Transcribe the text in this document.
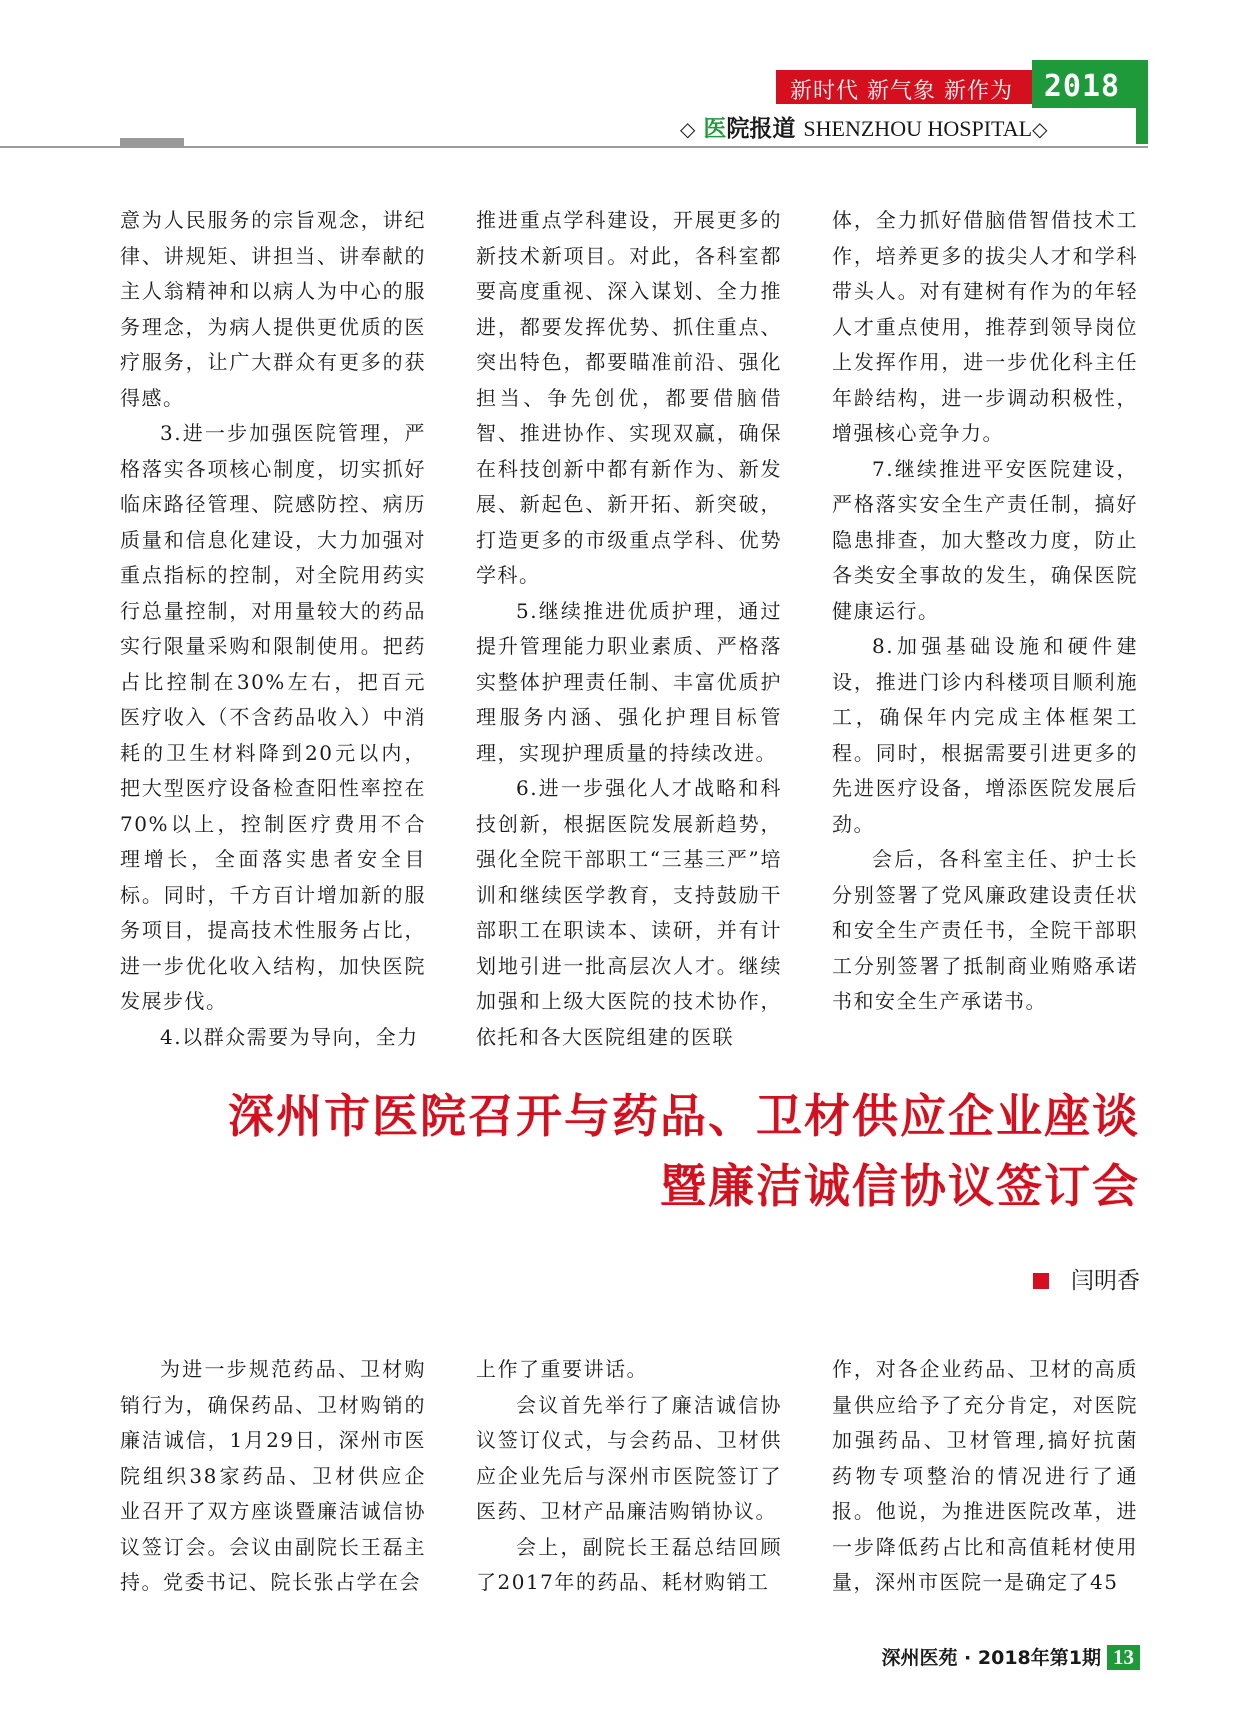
新时代 新气象 新作为	2018
◇ 医院报道 SHENZHOU HOSPITAL◇

意为人民服务的宗旨观念，讲纪律、讲规矩、讲担当、讲奉献的主人翁精神和以病人为中心的服务理念，为病人提供更优质的医疗服务，让广大群众有更多的获得感。

3.进一步加强医院管理，严格落实各项核心制度，切实抓好临床路径管理、院感防控、病历质量和信息化建设，大力加强对重点指标的控制，对全院用药实行总量控制，对用量较大的药品实行限量采购和限制使用。把药占比控制在30%左右，把百元医疗收入（不含药品收入）中消耗的卫生材料降到20元以内，把大型医疗设备检查阳性率控在70%以上，控制医疗费用不合理增长，全面落实患者安全目标。同时，千方百计增加新的服务项目，提高技术性服务占比，进一步优化收入结构，加快医院发展步伐。

4.以群众需要为导向，全力

推进重点学科建设，开展更多的新技术新项目。对此，各科室都要高度重视、深入谋划、全力推进，都要发挥优势、抓住重点、突出特色，都要瞄准前沿、强化担当、争先创优，都要借脑借智、推进协作、实现双赢，确保在科技创新中都有新作为、新发展、新起色、新开拓、新突破，打造更多的市级重点学科、优势学科。

5.继续推进优质护理，通过提升管理能力职业素质、严格落实整体护理责任制、丰富优质护理服务内涵、强化护理目标管理，实现护理质量的持续改进。

6.进一步强化人才战略和科技创新，根据医院发展新趋势，强化全院干部职工“三基三严”培训和继续医学教育，支持鼓励干部职工在职读本、读研，并有计划地引进一批高层次人才。继续加强和上级大医院的技术协作，依托和各大医院组建的医联

体，全力抓好借脑借智借技术工作，培养更多的拔尖人才和学科带头人。对有建树有作为的年轻人才重点使用，推荐到领导岗位上发挥作用，进一步优化科主任年龄结构，进一步调动积极性，增强核心竞争力。

7.继续推进平安医院建设，严格落实安全生产责任制，搞好隐患排查，加大整改力度，防止各类安全事故的发生，确保医院健康运行。

8.加强基础设施和硬件建设，推进门诊内科楼项目顺利施工，确保年内完成主体框架工程。同时，根据需要引进更多的先进医疗设备，增添医院发展后劲。

会后，各科室主任、护士长分别签署了党风廉政建设责任状和安全生产责任书，全院干部职工分别签署了抵制商业贿赂承诺书和安全生产承诺书。

深州市医院召开与药品、卫材供应企业座谈
暨廉洁诚信协议签订会
闫明香

为进一步规范药品、卫材购销行为，确保药品、卫材购销的廉洁诚信，1月29日，深州市医院组织38家药品、卫材供应企业召开了双方座谈暨廉洁诚信协议签订会。会议由副院长王磊主持。党委书记、院长张占学在会

上作了重要讲话。

会议首先举行了廉洁诚信协议签订仪式，与会药品、卫材供应企业先后与深州市医院签订了医药、卫材产品廉洁购销协议。

会上，副院长王磊总结回顾了2017年的药品、耗材购销工

作，对各企业药品、卫材的高质量供应给予了充分肯定，对医院加强药品、卫材管理,搞好抗菌药物专项整治的情况进行了通报。他说，为推进医院改革，进一步降低药占比和高值耗材使用量，深州市医院一是确定了45

深州医苑 · 2018年第1期 13
